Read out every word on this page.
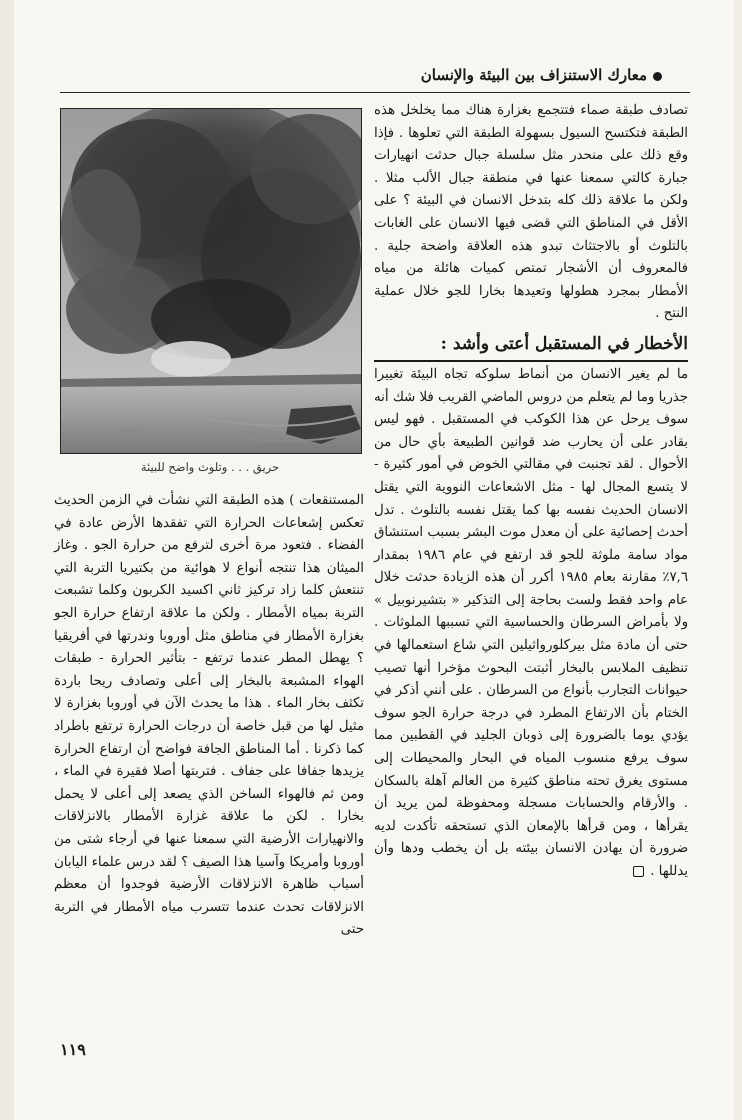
معارك الاستنزاف بين البيئة والإنسان
حريق . . . وتلوث واضح للبيئة

تصادف طبقة صماء فتتجمع بغزارة هناك مما يخلخل هذه الطبقة فتكتسح السيول بسهولة الطبقة التي تعلوها . فإذا وقع ذلك على منحدر مثل سلسلة جبال حدثت انهيارات جبارة كالتي سمعنا عنها في منطقة جبال الألب مثلا . ولكن ما علاقة ذلك كله بتدخل الانسان في البيئة ؟ على الأقل في المناطق التي قضى فيها الانسان على الغابات بالتلوث أو بالاجتثاث تبدو هذه العلاقة واضحة جلية . فالمعروف أن الأشجار تمتص كميات هائلة من مياه الأمطار بمجرد هطولها وتعيدها بخارا للجو خلال عملية النتح .

الأخطار في المستقبل أعتى وأشد :

ما لم يغير الانسان من أنماط سلوكه تجاه البيئة تغييرا جذريا وما لم يتعلم من دروس الماضي القريب فلا شك أنه سوف يرحل عن هذا الكوكب في المستقبل . فهو ليس بقادر على أن يحارب ضد قوانين الطبيعة بأي حال من الأحوال . لقد تجنبت في مقالتي الخوض في أمور كثيرة - لا يتسع المجال لها - مثل الاشعاعات النووية التي يقتل الانسان الحديث نفسه بها كما يقتل نفسه بالتلوث . تدل أحدث إحصائية على أن معدل موت البشر بسبب استنشاق مواد سامة ملوثة للجو قد ارتفع في عام ١٩٨٦ بمقدار ٧,٦٪ مقارنة بعام ١٩٨٥ أكرر أن هذه الزيادة حدثت خلال عام واحد فقط ولست بحاجة إلى التذكير « بتشيرنوبيل » ولا بأمراض السرطان والحساسية التي تسببها الملوثات . حتى أن مادة مثل بيركلورواثيلين التي شاع استعمالها في تنظيف الملابس بالبخار أثبتت البحوث مؤخرا أنها تصيب حيوانات التجارب بأنواع من السرطان . على أنني أذكر في الختام بأن الارتفاع المطرد في درجة حرارة الجو سوف يؤدي يوما بالضرورة إلى ذوبان الجليد في القطبين مما سوف يرفع منسوب المياه في البحار والمحيطات إلى مستوى يغرق تحته مناطق كثيرة من العالم آهلة بالسكان . والأرقام والحسابات مسجلة ومحفوظة لمن يريد أن يقرأها ، ومن قرأها بالإمعان الذي تستحقه تأكدت لديه ضرورة أن يهادن الانسان بيئته بل أن يخطب ودها وأن يدللها .

المستنقعات ) هذه الطبقة التي نشأت في الزمن الحديث تعكس إشعاعات الحرارة التي تفقدها الأرض عادة في الفضاء . فتعود مرة أخرى لترفع من حرارة الجو . وغاز الميثان هذا تنتجه أنواع لا هوائية من بكتيريا التربة التي تنتعش كلما زاد تركيز ثاني اكسيد الكربون وكلما تشبعت التربة بمياه الأمطار . ولكن ما علاقة ارتفاع حرارة الجو بغزارة الأمطار في مناطق مثل أوروبا وندرتها في أفريقيا ؟ يهطل المطر عندما ترتفع - بتأثير الحرارة - طبقات الهواء المشبعة بالبخار إلى أعلى وتصادف ريحا باردة تكثف بخار الماء . هذا ما يحدث الآن في أوروبا بغزارة لا مثيل لها من قبل خاصة أن درجات الحرارة ترتفع باطراد كما ذكرنا . أما المناطق الجافة فواضح أن ارتفاع الحرارة يزيدها جفافا على جفاف . فتربتها أصلا فقيرة في الماء ، ومن ثم فالهواء الساخن الذي يصعد إلى أعلى لا يحمل بخارا . لكن ما علاقة غزارة الأمطار بالانزلاقات والانهيارات الأرضية التي سمعنا عنها في أرجاء شتى من أوروبا وأمريكا وآسيا هذا الصيف ؟ لقد درس علماء اليابان أسباب ظاهرة الانزلاقات الأرضية فوجدوا أن معظم الانزلاقات تحدث عندما تتسرب مياه الأمطار في التربة حتى

١١٩
